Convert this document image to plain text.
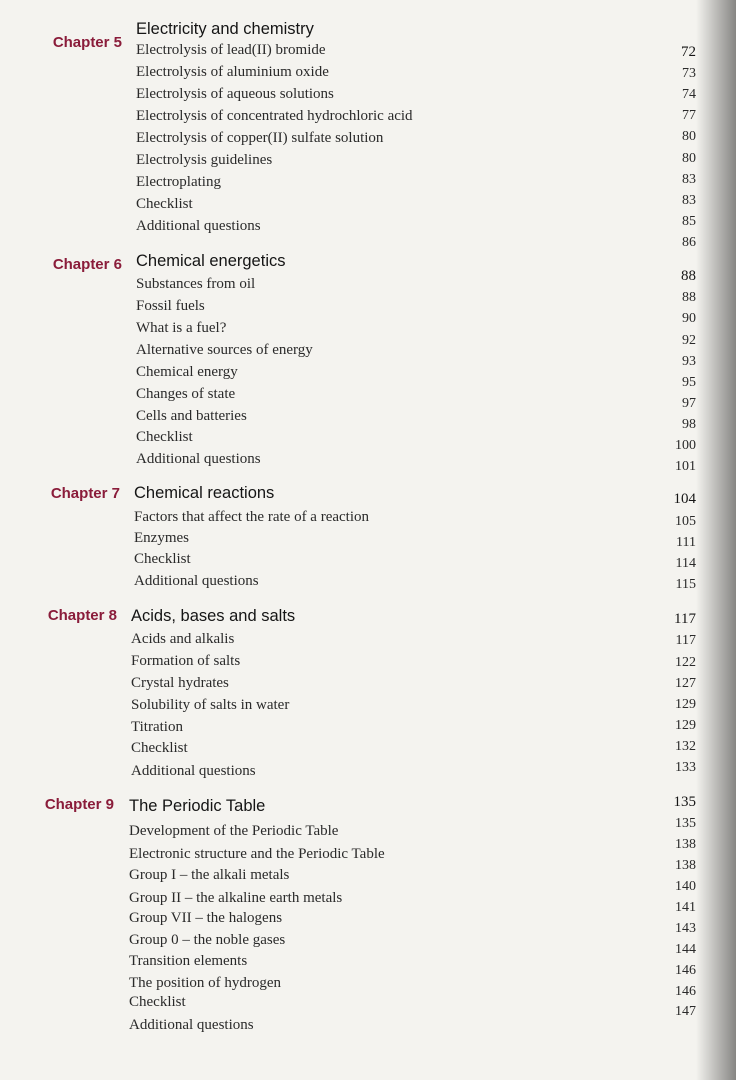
Chapter 5
Electricity and chemistry
Electrolysis of lead(II) bromide
Electrolysis of aluminium oxide
Electrolysis of aqueous solutions
Electrolysis of concentrated hydrochloric acid
Electrolysis of copper(II) sulfate solution
Electrolysis guidelines
Electroplating
Checklist
Additional questions
72
73
74
77
80
80
83
83
85
86
Chapter 6 Chemical energetics
Substances from oil
Fossil fuels
What is a fuel?
Alternative sources of energy
Chemical energy
Changes of state
Cells and batteries
Checklist
Additional questions
88
88
90
92
93
95
97
98
100
101
Chapter 7 Chemical reactions
Factors that affect the rate of a reaction
Enzymes
Checklist
Additional questions
104
105
111
114
115
Chapter 8 Acids, bases and salts
Acids and alkalis
Formation of salts
Crystal hydrates
Solubility of salts in water
Titration
Checklist
Additional questions
117
117
122
127
129
129
132
133
Chapter 9 The Periodic Table
Development of the Periodic Table
Electronic structure and the Periodic Table
Group I – the alkali metals
Group II – the alkaline earth metals
Group VII – the halogens
Group 0 – the noble gases
Transition elements
The position of hydrogen
Checklist
Additional questions
135
135
138
138
140
141
143
144
146
146
147
